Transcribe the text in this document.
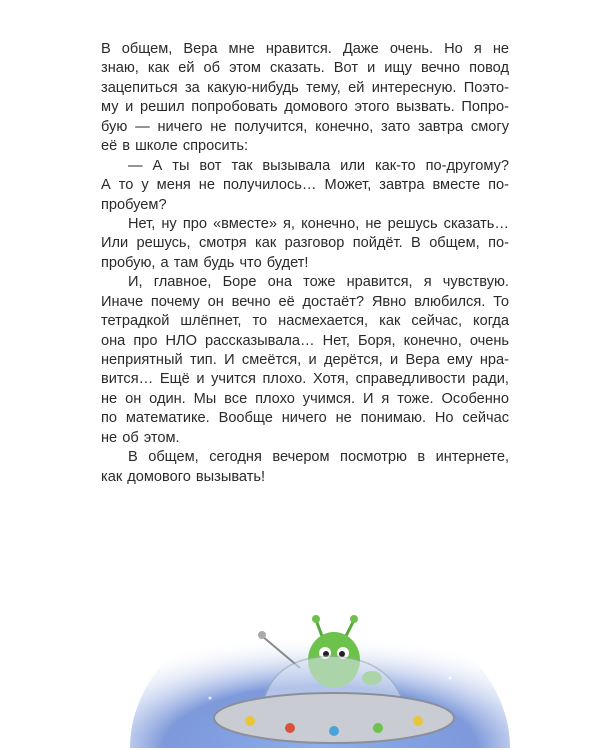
В общем, Вера мне нравится. Даже очень. Но я не
знаю, как ей об этом сказать. Вот и ищу вечно повод
зацепиться за какую-нибудь тему, ей интересную. Поэто-
му и решил попробовать домового этого вызвать. Попро-
бую — ничего не получится, конечно, зато завтра смогу
её в школе спросить:
— А ты вот так вызывала или как-то по-другому?
А то у меня не получилось… Может, завтра вместе по-
пробуем?
Нет, ну про «вместе» я, конечно, не решусь сказать…
Или решусь, смотря как разговор пойдёт. В общем, по-
пробую, а там будь что будет!
И, главное, Боре она тоже нравится, я чувствую.
Иначе почему он вечно её достаёт? Явно влюбился. То
тетрадкой шлёпнет, то насмехается, как сейчас, когда
она про НЛО рассказывала… Нет, Боря, конечно, очень
неприятный тип. И смеётся, и дерётся, и Вера ему нра-
вится… Ещё и учится плохо. Хотя, справедливости ради,
не он один. Мы все плохо учимся. И я тоже. Особенно
по математике. Вообще ничего не понимаю. Но сейчас
не об этом.
В общем, сегодня вечером посмотрю в интернете,
как домового вызывать!
